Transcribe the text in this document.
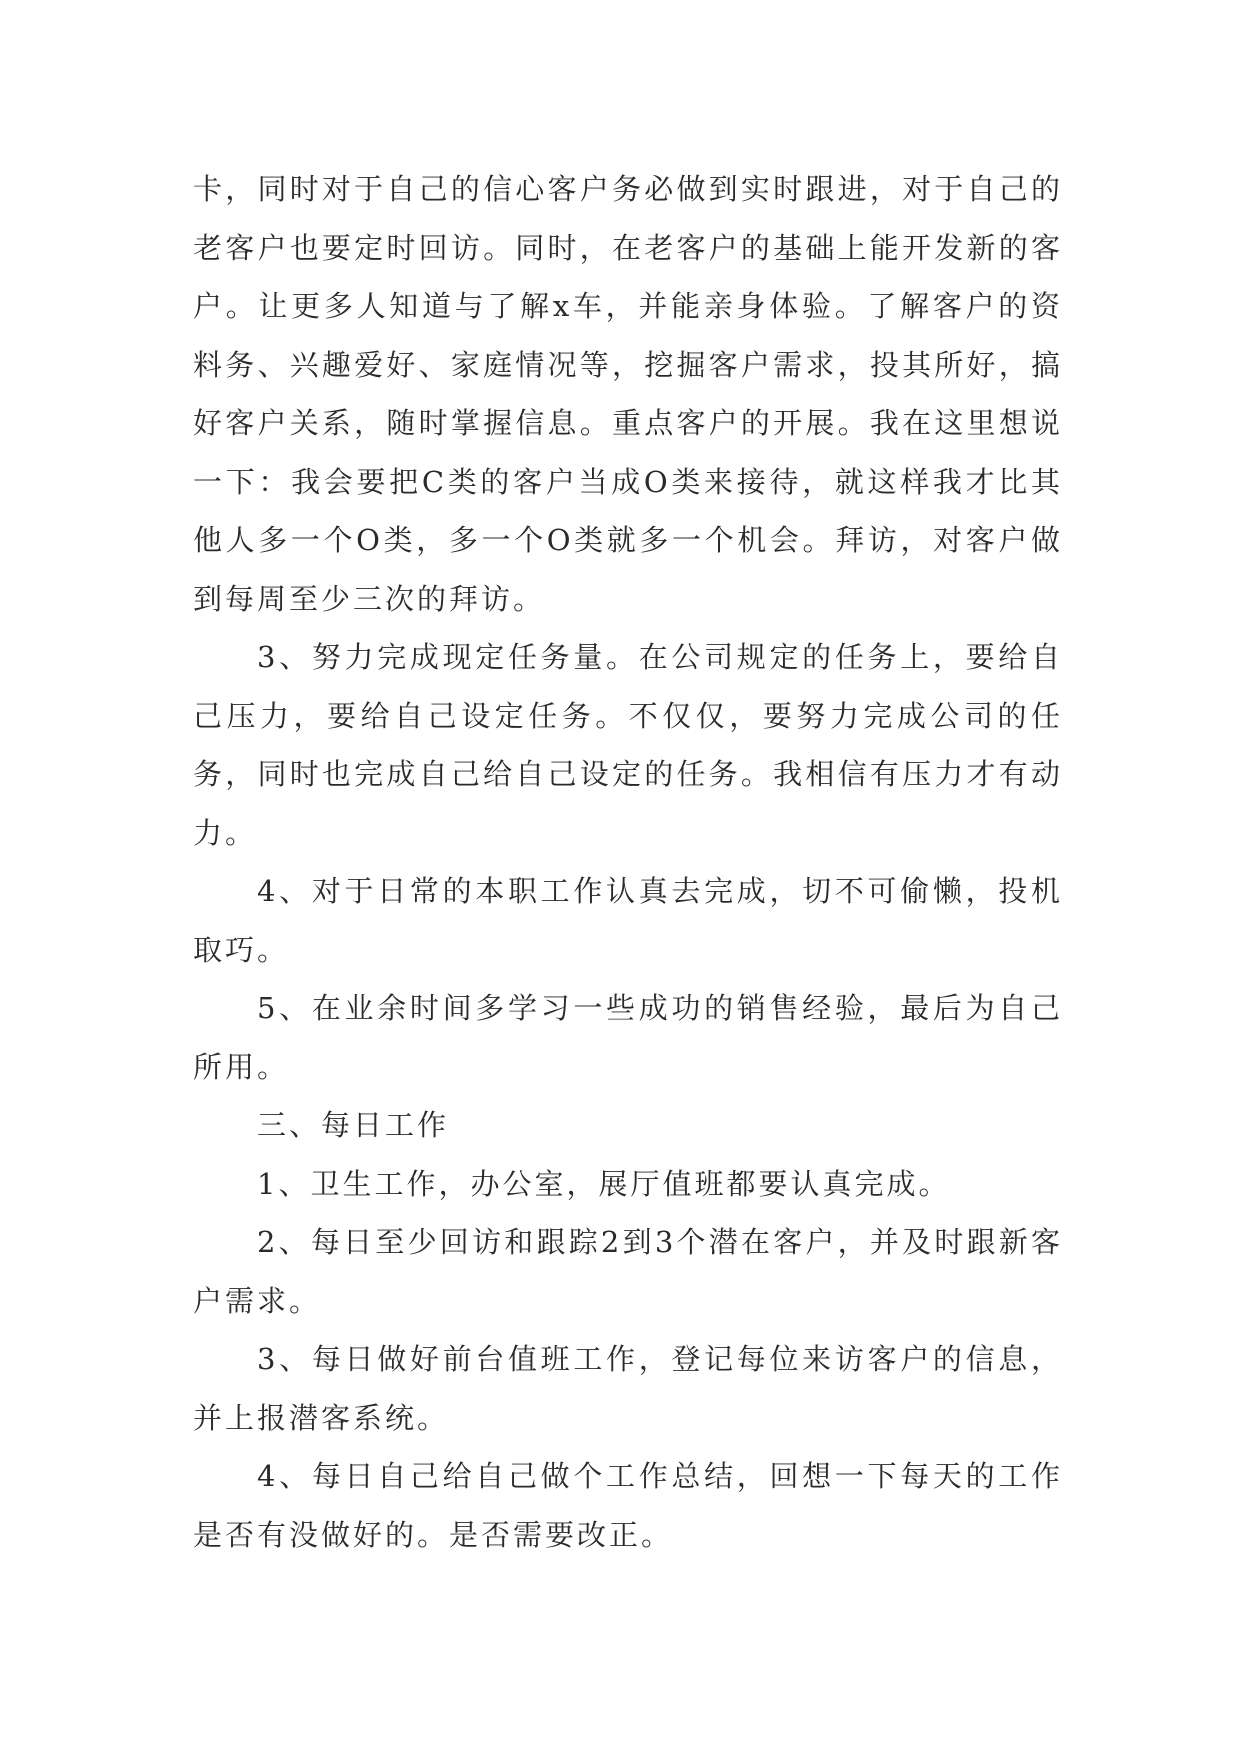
卡，同时对于自己的信心客户务必做到实时跟进，对于自己的老客户也要定时回访。同时，在老客户的基础上能开发新的客户。让更多人知道与了解x车，并能亲身体验。了解客户的资料务、兴趣爱好、家庭情况等，挖掘客户需求，投其所好，搞好客户关系，随时掌握信息。重点客户的开展。我在这里想说一下：我会要把C类的客户当成O类来接待，就这样我才比其他人多一个O类，多一个O类就多一个机会。拜访，对客户做到每周至少三次的拜访。

3、努力完成现定任务量。在公司规定的任务上，要给自己压力，要给自己设定任务。不仅仅，要努力完成公司的任务，同时也完成自己给自己设定的任务。我相信有压力才有动力。

4、对于日常的本职工作认真去完成，切不可偷懒，投机取巧。

5、在业余时间多学习一些成功的销售经验，最后为自己所用。

三、每日工作

1、卫生工作，办公室，展厅值班都要认真完成。

2、每日至少回访和跟踪2到3个潜在客户，并及时跟新客户需求。

3、每日做好前台值班工作，登记每位来访客户的信息，并上报潜客系统。

4、每日自己给自己做个工作总结，回想一下每天的工作是否有没做好的。是否需要改正。
